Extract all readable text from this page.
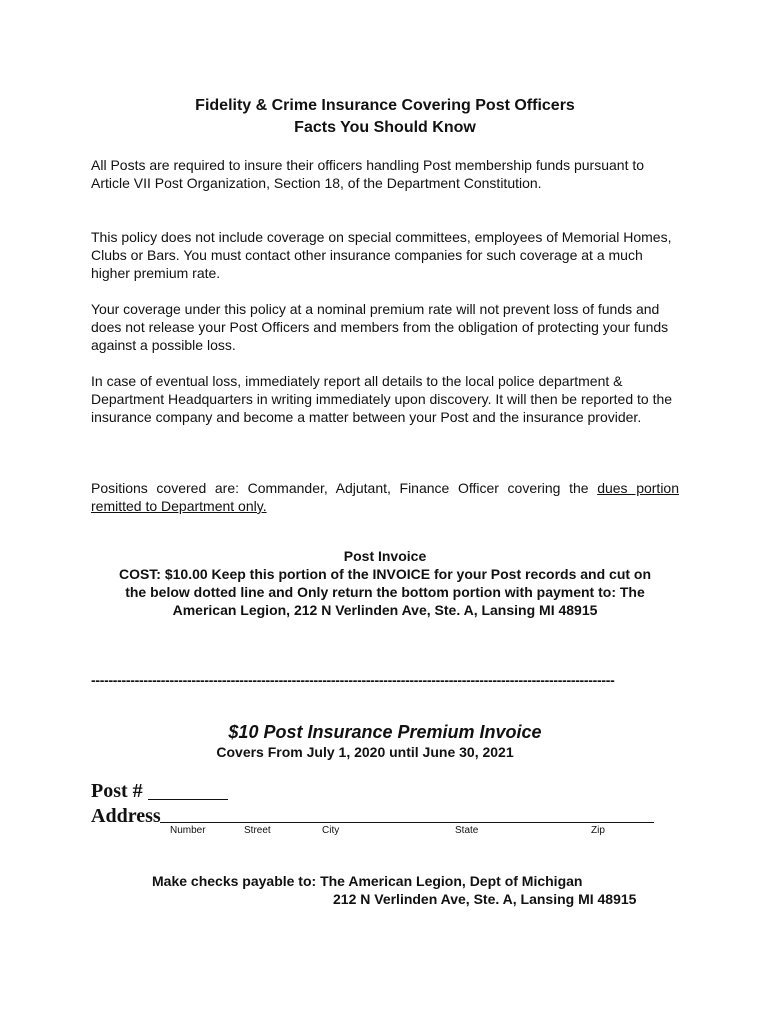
Fidelity & Crime Insurance Covering Post Officers
Facts You Should Know
All Posts are required to insure their officers handling Post membership funds pursuant to Article VII Post Organization, Section 18, of the Department Constitution.
This policy does not include coverage on special committees, employees of Memorial Homes, Clubs or Bars. You must contact other insurance companies for such coverage at a much higher premium rate.
Your coverage under this policy at a nominal premium rate will not prevent loss of funds and does not release your Post Officers and members from the obligation of protecting your funds against a possible loss.
In case of eventual loss, immediately report all details to the local police department & Department Headquarters in writing immediately upon discovery. It will then be reported to the insurance company and become a matter between your Post and the insurance provider.
Positions covered are: Commander, Adjutant, Finance Officer covering the dues portion remitted to Department only.
Post Invoice
COST: $10.00 Keep this portion of the INVOICE for your Post records and cut on
the below dotted line and Only return the bottom portion with payment to: The
American Legion, 212 N Verlinden Ave, Ste. A, Lansing MI 48915
------------------------------------------------------------------------------------------------------------------------
$10 Post Insurance Premium Invoice
Covers From July 1, 2020 until June 30, 2021
Post #
Address
Number	Street	City	State	Zip
Make checks payable to: The American Legion, Dept of Michigan
212 N Verlinden Ave, Ste. A, Lansing MI 48915
